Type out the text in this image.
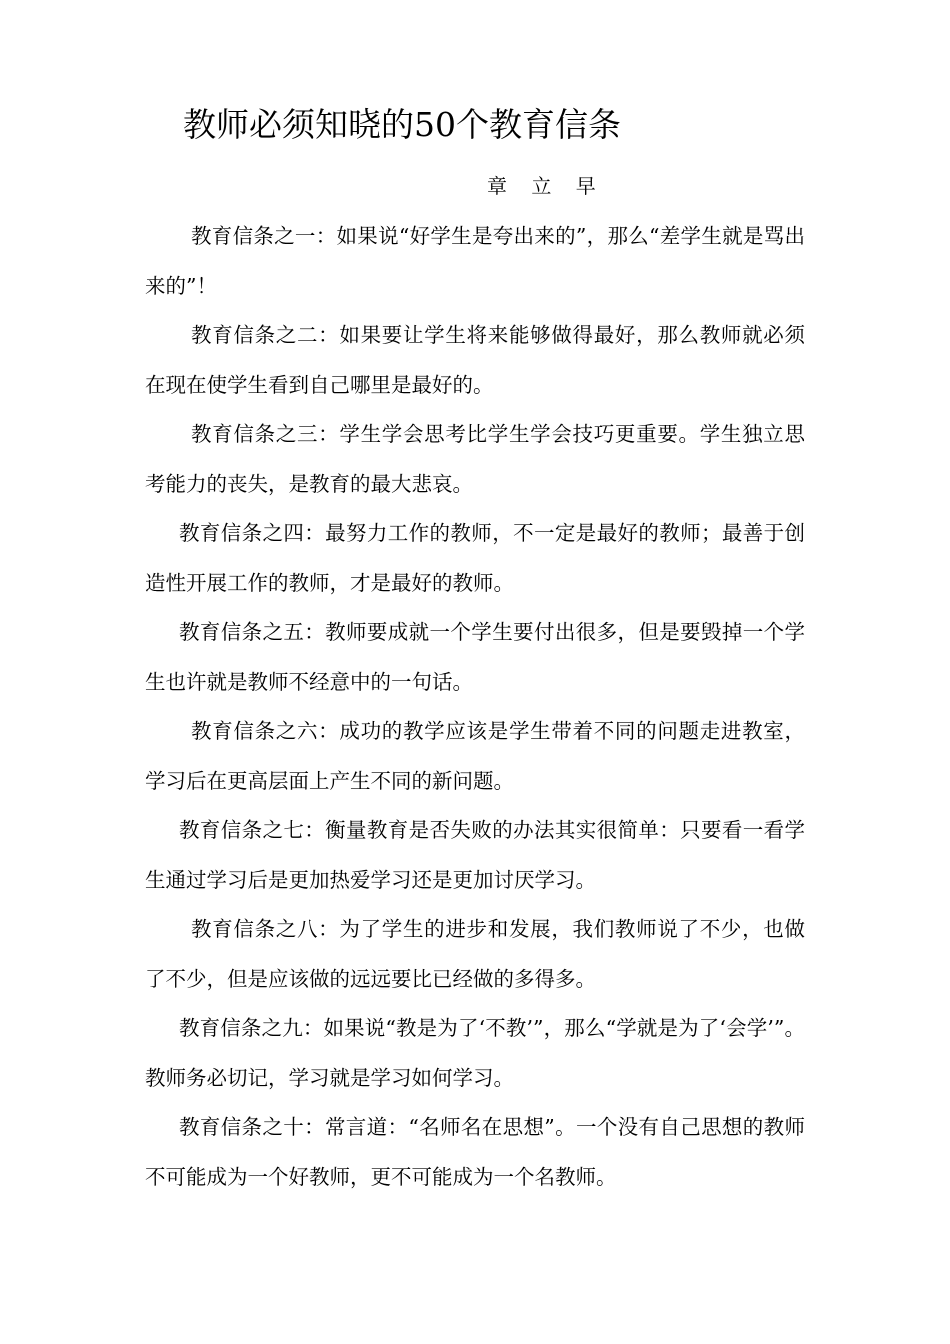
教师必须知晓的50个教育信条
章 立 早

教育信条之一：如果说“好学生是夸出来的”，那么“差学生就是骂出来的”！

教育信条之二：如果要让学生将来能够做得最好，那么教师就必须在现在使学生看到自己哪里是最好的。

教育信条之三：学生学会思考比学生学会技巧更重要。学生独立思考能力的丧失，是教育的最大悲哀。

教育信条之四：最努力工作的教师，不一定是最好的教师；最善于创造性开展工作的教师，才是最好的教师。

教育信条之五：教师要成就一个学生要付出很多，但是要毁掉一个学生也许就是教师不经意中的一句话。

教育信条之六：成功的教学应该是学生带着不同的问题走进教室，学习后在更高层面上产生不同的新问题。

教育信条之七：衡量教育是否失败的办法其实很简单：只要看一看学生通过学习后是更加热爱学习还是更加讨厌学习。

教育信条之八：为了学生的进步和发展，我们教师说了不少，也做了不少，但是应该做的远远要比已经做的多得多。

教育信条之九：如果说“教是为了‘不教’”，那么“学就是为了‘会学’”。教师务必切记，学习就是学习如何学习。

教育信条之十：常言道：“名师名在思想”。一个没有自己思想的教师不可能成为一个好教师，更不可能成为一个名教师。
